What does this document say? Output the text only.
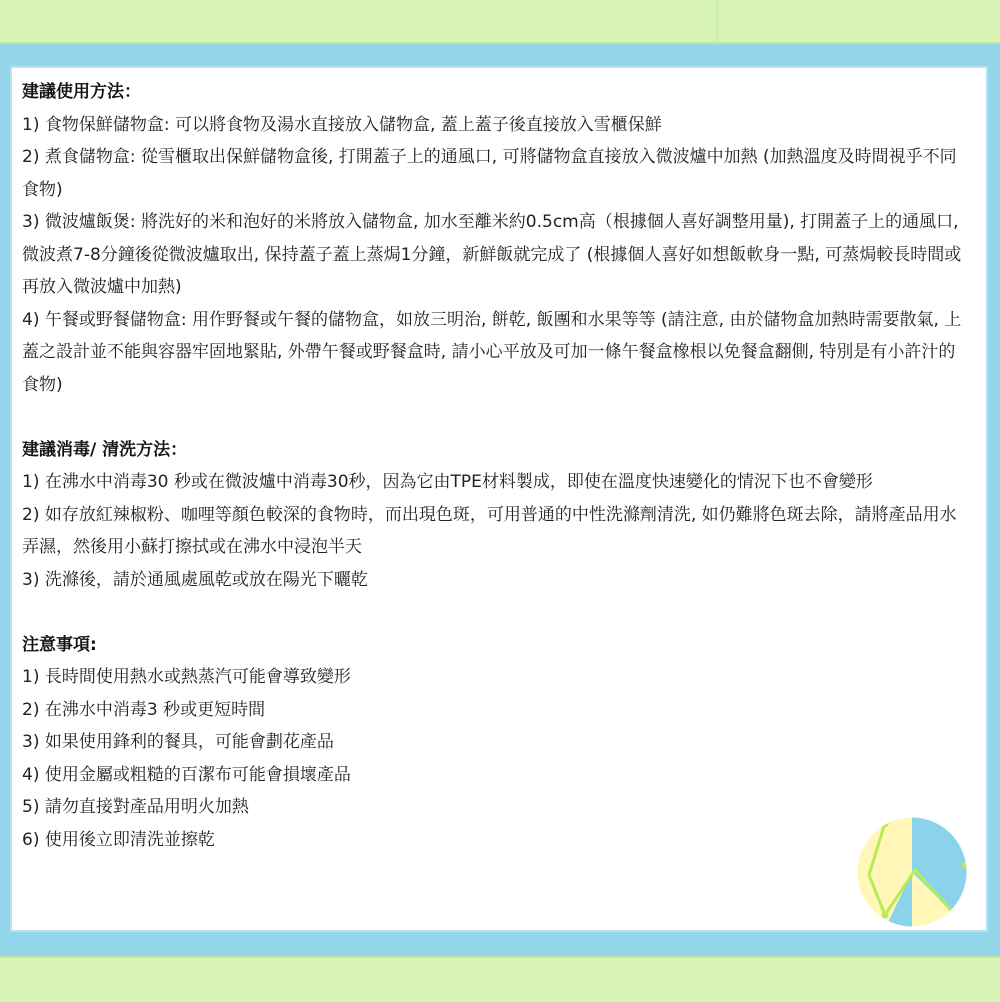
建議使用方法：

1) 食物保鮮儲物盒: 可以將食物及湯水直接放入儲物盒, 蓋上蓋子後直接放入雪櫃保鮮

2) 煮食儲物盒: 從雪櫃取出保鮮儲物盒後, 打開蓋子上的通風口, 可將儲物盒直接放入微波爐中加熱 (加熱溫度及時間視乎不同食物)

3) 微波爐飯煲: 將洗好的米和泡好的米將放入儲物盒, 加水至離米約0.5cm高（根據個人喜好調整用量), 打開蓋子上的通風口, 微波煮7-8分鐘後從微波爐取出, 保持蓋子蓋上蒸焗1分鐘，新鮮飯就完成了 (根據個人喜好如想飯軟身一點, 可蒸焗較長時間或再放入微波爐中加熱)

4) 午餐或野餐儲物盒: 用作野餐或午餐的儲物盒，如放三明治, 餅乾, 飯團和水果等等 (請注意, 由於儲物盒加熱時需要散氣, 上蓋之設計並不能與容器牢固地緊貼, 外帶午餐或野餐盒時, 請小心平放及可加一條午餐盒橡根以免餐盒翻側, 特別是有小許汁的食物)

建議消毒/ 清洗方法：

1) 在沸水中消毒30 秒或在微波爐中消毒30秒，因為它由TPE材料製成，即使在溫度快速變化的情況下也不會變形

2) 如存放紅辣椒粉、咖哩等顏色較深的食物時，而出現色斑，可用普通的中性洗滌劑清洗, 如仍難將色斑去除，請將產品用水弄濕，然後用小蘇打擦拭或在沸水中浸泡半天

3) 洗滌後，請於通風處風乾或放在陽光下曬乾

注意事項:

1) 長時間使用熱水或熱蒸汽可能會導致變形

2) 在沸水中消毒3 秒或更短時間

3) 如果使用鋒利的餐具，可能會劃花產品

4) 使用金屬或粗糙的百潔布可能會損壞產品

5) 請勿直接對產品用明火加熱

6) 使用後立即清洗並擦乾
